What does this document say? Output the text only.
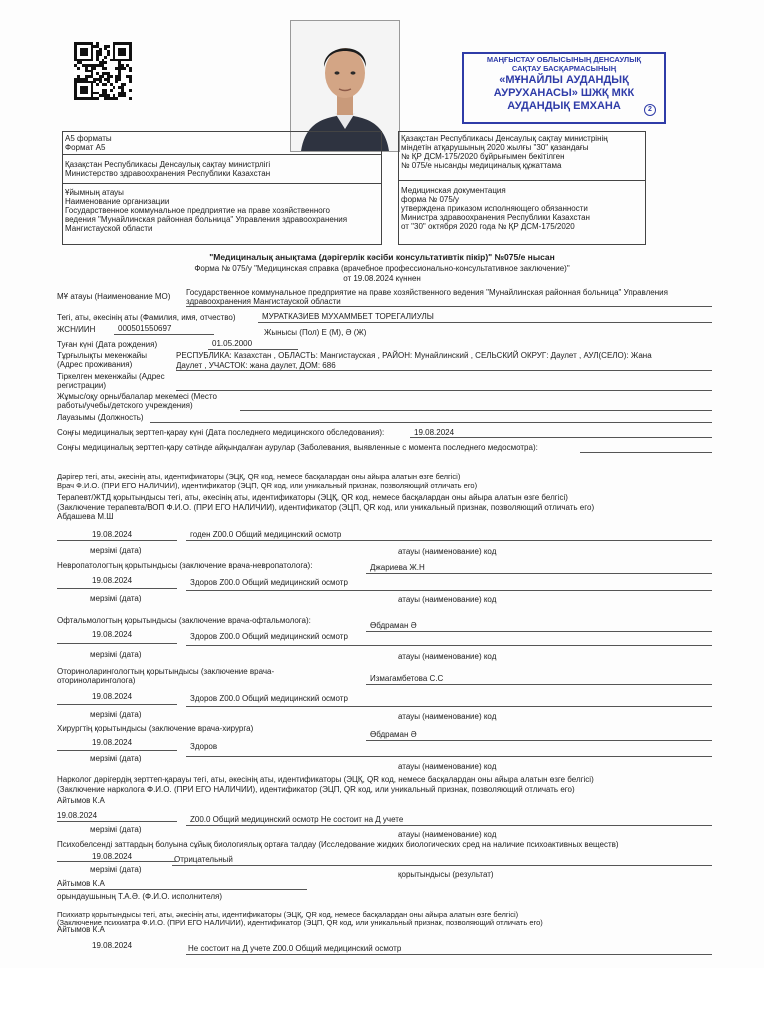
МАҢҒЫСТАУ ОБЛЫСЫНЫҢ ДЕНСАУЛЫҚ
САҚТАУ БАСҚАРМАСЫНЫҢ
«МҰНАЙЛЫ АУДАНДЫҚ
АУРУХАНАСЫ» ШЖҚ МКК
АУДАНДЫҚ ЕМХАНА	2
А5 форматы
Формат А5
Қазақстан Республикасы Денсаулық сақтау министрлігі
Министерство здравоохранения Республики Казахстан
Ұйымның атауы
Наименование организации
Государственное коммунальное предприятие на праве хозяйственного
ведения "Мунайлинская районная больница" Управления здравоохранения
Мангистауской области
Қазақстан Республикасы Денсаулық сақтау министрінің
міндетін атқарушының 2020 жылғы "30" қазандағы
№ ҚР ДСМ-175/2020 бұйрығымен бекітілген
№ 075/е нысанды медициналық құжаттама
Медицинская документация
форма № 075/у
утверждена приказом исполняющего обязанности
Министра здравоохранения Республики Казахстан
от "30" октября 2020 года № ҚР ДСМ-175/2020
"Медициналық анықтама (дәрігерлік кәсіби консультативтік пікір)" №075/е нысан
Форма № 075/у "Медицинская справка (врачебное профессионально-консультативное заключение)"
от 19.08.2024 күннен
МҰ атауы (Наименование МО) Государственное коммунальное предприятие на праве хозяйственного ведения "Мунайлинская районная больница" Управления
здравоохранения Мангистауской области
Тегі, аты, әкесінің аты (Фамилия, имя, отчество)	МУРАТКАЗИЕВ МУХАММБЕТ ТОРЕГАЛИУЛЫ
ЖСН/ИИН	000501550697	Жынысы (Пол) Е (М), Ә (Ж)
Туған күні (Дата рождения)	01.05.2000
Тұрғылықты мекенжайы
(Адрес проживания)
РЕСПУБЛИКА: Казахстан , ОБЛАСТЬ: Мангистауская , РАЙОН: Мунайлинский , СЕЛЬСКИЙ ОКРУГ: Даулет , АУЛ(СЕЛО): Жана
Даулет , УЧАСТОК: жана даулет, ДОМ: 686
Тіркелген мекенжайы (Адрес
регистрации)
Жұмыс/оқу орны/балалар мекемесі (Место
работы/учебы/детского учреждения)
Лауазымы (Должность)
Соңғы медициналық зерттеп-қарау күні (Дата последнего медицинского обследования):	19.08.2024
Соңғы медициналық зерттеп-қару сәтінде айқындалған аурулар (Заболевания, выявленные с момента последнего медосмотра):
Дәрігер тегі, аты, әкесінің аты, идентификаторы (ЭЦҚ, QR код, немесе басқалардан оны айыра алатын өзге белгісі)
Врач Ф.И.О. (ПРИ ЕГО НАЛИЧИИ), идентификатор (ЭЦП, QR код, или уникальный признак, позволяющий отличать его)
Терапевт/ЖТД қорытындысы тегі, аты, әкесінің аты, идентификаторы (ЭЦҚ, QR код, немесе басқалардан оны айыра алатын өзге белгісі)
(Заключение терапевта/ВОП Ф.И.О. (ПРИ ЕГО НАЛИЧИИ), идентификатор (ЭЦП, QR код, или уникальный признак, позволяющий отличать его)
Абдашева М.Ш
19.08.2024	годен Z00.0 Общий медицинский осмотр
мерзімі (дата)	атауы (наименование) код
Невропатологтың қорытындысы (заключение врача-невропатолога):	Джариева Ж.Н
19.08.2024	Здоров Z00.0 Общий медицинский осмотр
мерзімі (дата)	атауы (наименование) код
Офтальмологтың қорытындысы (заключение врача-офтальмолога):
Өбдраман Ә
19.08.2024	Здоров Z00.0 Общий медицинский осмотр
мерзімі (дата)	атауы (наименование) код
Оториноларингологтың қорытындысы (заключение врача-
оториноларинголога)	Измагамбетова С.С
19.08.2024	Здоров Z00.0 Общий медицинский осмотр
мерзімі (дата)	атауы (наименование) код
Хирургтің қорытындысы (заключение врача-хирурга)
Өбдраман Ә
19.08.2024	Здоров
мерзімі (дата)
атауы (наименование) код
Нарколог дәрігердің зерттеп-қарауы тегі, аты, әкесінің аты, идентификаторы (ЭЦҚ, QR код, немесе басқалардан оны айыра алатын өзге белгісі)
(Заключение нарколога Ф.И.О. (ПРИ ЕГО НАЛИЧИИ), идентификатор (ЭЦП, QR код, или уникальный признак, позволяющий отличать его)
Айтымов К.А
19.08.2024	Z00.0 Общий медицинский осмотр Не состоит на Д учете
мерзімі (дата)
атауы (наименование) код
Психобелсенді заттардың болуына сұйық биологиялық ортаға талдау (Исследование жидких биологических сред на наличие психоактивных веществ)
19.08.2024	Отрицательный
мерзімі (дата)
қорытындысы (результат)
Айтымов К.А
орындаушының Т.А.Ә. (Ф.И.О. исполнителя)
Психиатр қорытындысы тегі, аты, әкесінің аты, идентификаторы (ЭЦҚ, QR код, немесе басқалардан оны айыра алатын өзге белгісі)
(Заключение психиатра Ф.И.О. (ПРИ ЕГО НАЛИЧИИ), идентификатор (ЭЦП, QR код, или уникальный признак, позволяющий отличать его)
Айтымов К.А
19.08.2024	Не состоит на Д учете Z00.0 Общий медицинский осмотр
